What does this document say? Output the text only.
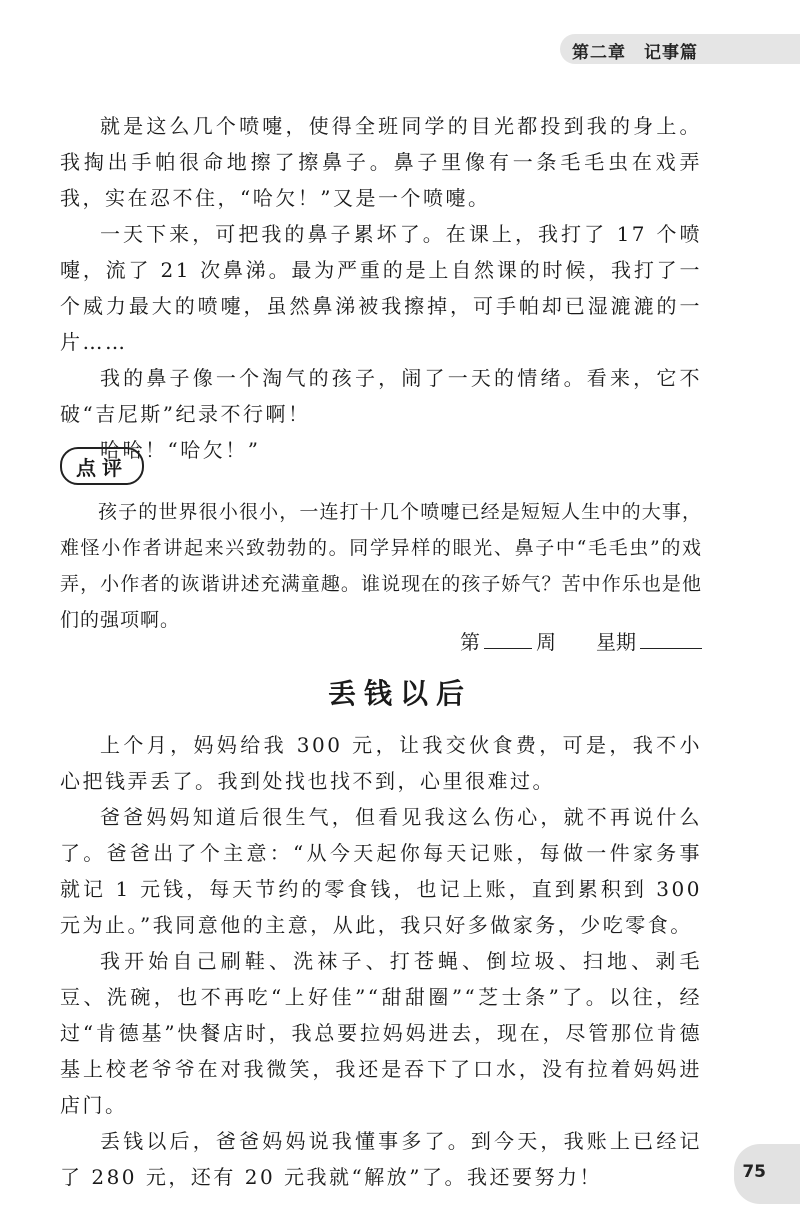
第二章　记事篇

就是这么几个喷嚏，使得全班同学的目光都投到我的身上。我掏出手帕很命地擦了擦鼻子。鼻子里像有一条毛毛虫在戏弄我，实在忍不住，“哈欠！”又是一个喷嚏。

一天下来，可把我的鼻子累坏了。在课上，我打了 17 个喷嚏，流了 21 次鼻涕。最为严重的是上自然课的时候，我打了一个威力最大的喷嚏，虽然鼻涕被我擦掉，可手帕却已湿漉漉的一片……

我的鼻子像一个淘气的孩子，闹了一天的情绪。看来，它不破“吉尼斯”纪录不行啊！

哈哈！“哈欠！”

点评

孩子的世界很小很小，一连打十几个喷嚏已经是短短人生中的大事，难怪小作者讲起来兴致勃勃的。同学异样的眼光、鼻子中“毛毛虫”的戏弄，小作者的诙谐讲述充满童趣。谁说现在的孩子娇气？苦中作乐也是他们的强项啊。

第	周 星期
丢钱以后

上个月，妈妈给我 300 元，让我交伙食费，可是，我不小心把钱弄丢了。我到处找也找不到，心里很难过。

爸爸妈妈知道后很生气，但看见我这么伤心，就不再说什么了。爸爸出了个主意：“从今天起你每天记账，每做一件家务事就记 1 元钱，每天节约的零食钱，也记上账，直到累积到 300 元为止。”我同意他的主意，从此，我只好多做家务，少吃零食。

我开始自己刷鞋、洗袜子、打苍蝇、倒垃圾、扫地、剥毛豆、洗碗，也不再吃“上好佳”“甜甜圈”“芝士条”了。以往，经过“肯德基”快餐店时，我总要拉妈妈进去，现在，尽管那位肯德基上校老爷爷在对我微笑，我还是吞下了口水，没有拉着妈妈进店门。

丢钱以后，爸爸妈妈说我懂事多了。到今天，我账上已经记了 280 元，还有 20 元我就“解放”了。我还要努力！	75
